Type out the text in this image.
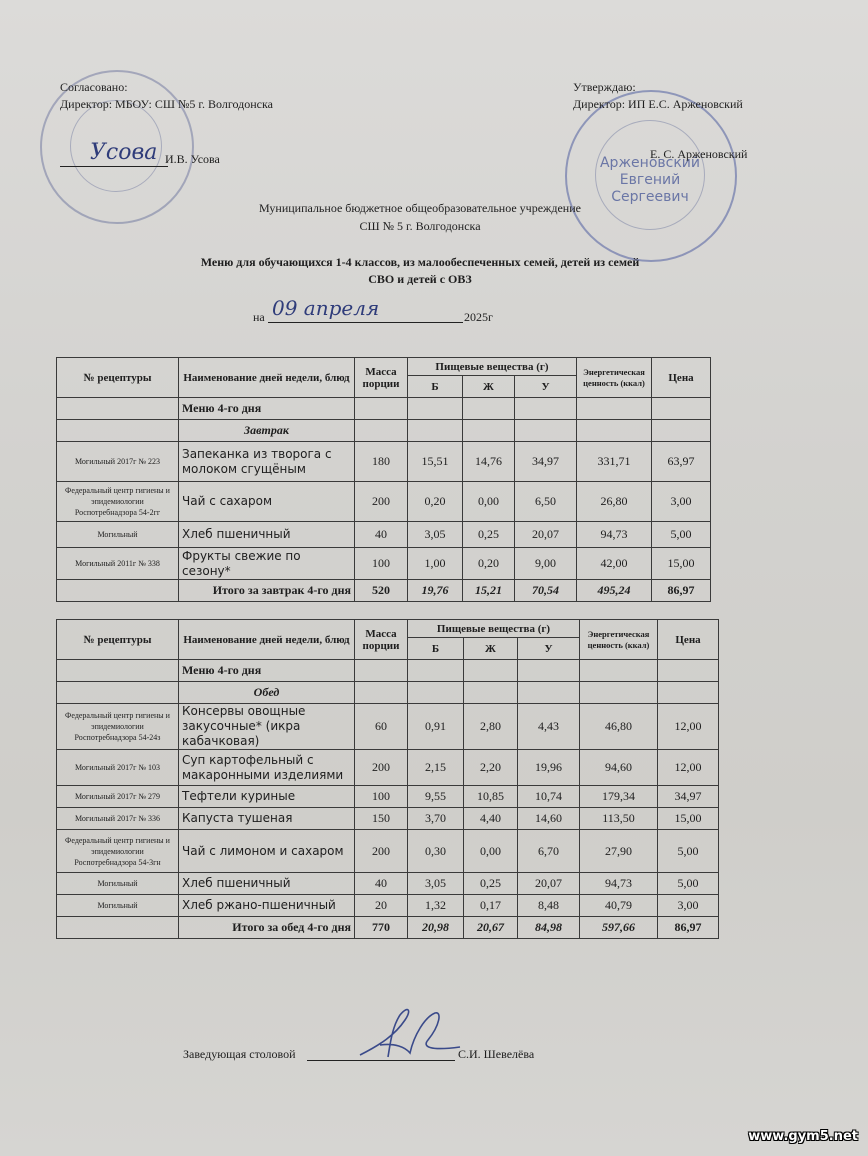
Арженовский
Евгений
Сергеевич
Согласовано:
Директор: МБОУ: СШ №5 г. Волгодонска
Усова И.В. Усова
Утверждаю:
Директор: ИП Е.С. Арженовский
Е. С. Арженовский
Муниципальное бюджетное общеобразовательное учреждение
СШ № 5 г. Волгодонска
Меню для обучающихся 1-4 классов, из малообеспеченных семей, детей из семей
СВО и детей с ОВЗ
на 09 апреля	2025г
№ рецептуры	Наименование дней недели, блюд	Масса порции	Пищевые вещества (г)			Энергетическая ценность (ккал)	Цена
			Б	Ж	У		
	Меню 4-го дня						
	Завтрак						
Могильный 2017г № 223	Запеканка из творога с молоком сгущёным	180	15,51	14,76	34,97	331,71	63,97
Федеральный центр гигиены и эпидемиологии Роспотребнадзора 54-2гг	Чай с сахаром	200	0,20	0,00	6,50	26,80	3,00
Могильный	Хлеб пшеничный	40	3,05	0,25	20,07	94,73	5,00
Могильный 2011г № 338	Фрукты свежие по сезону*	100	1,00	0,20	9,00	42,00	15,00
	Итого за завтрак 4-го дня	520	19,76	15,21	70,54	495,24	86,97
№ рецептуры	Наименование дней недели, блюд	Масса порции	Пищевые вещества (г)			Энергетическая ценность (ккал)	Цена
			Б	Ж	У		
	Меню 4-го дня						
	Обед						
Федеральный центр гигиены и эпидемиологии Роспотребнадзора 54-24з	Консервы овощные закусочные* (икра кабачковая)	60	0,91	2,80	4,43	46,80	12,00
Могильный 2017г № 103	Суп картофельный с макаронными изделиями	200	2,15	2,20	19,96	94,60	12,00
Могильный 2017г № 279	Тефтели куриные	100	9,55	10,85	10,74	179,34	34,97
Могильный 2017г № 336	Капуста тушеная	150	3,70	4,40	14,60	113,50	15,00
Федеральный центр гигиены и эпидемиологии Роспотребнадзора 54-3гн	Чай с лимоном и сахаром	200	0,30	0,00	6,70	27,90	5,00
Могильный	Хлеб пшеничный	40	3,05	0,25	20,07	94,73	5,00
Могильный	Хлеб ржано-пшеничный	20	1,32	0,17	8,48	40,79	3,00
	Итого за обед 4-го дня	770	20,98	20,67	84,98	597,66	86,97
Заведующая столовой	С.И. Шевелёва
www.gym5.net
